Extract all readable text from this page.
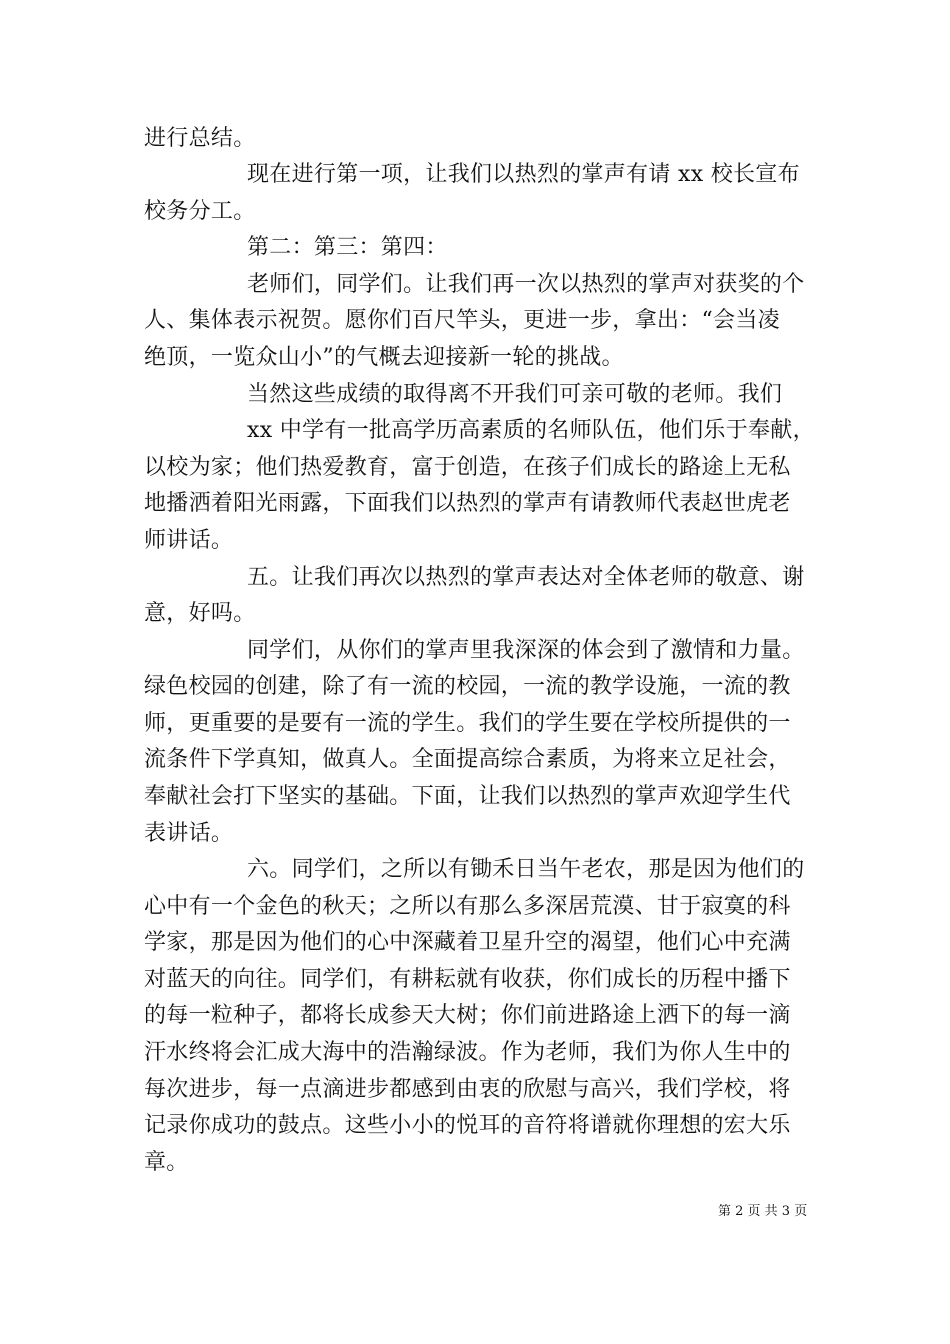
进行总结。
现在进行第一项，让我们以热烈的掌声有请 xx 校长宣布
校务分工。
第二：第三：第四：
老师们，同学们。让我们再一次以热烈的掌声对获奖的个
人、集体表示祝贺。愿你们百尺竿头，更进一步，拿出：“会当凌
绝顶，一览众山小”的气概去迎接新一轮的挑战。
当然这些成绩的取得离不开我们可亲可敬的老师。我们
xx 中学有一批高学历高素质的名师队伍，他们乐于奉献，
以校为家；他们热爱教育，富于创造，在孩子们成长的路途上无私
地播洒着阳光雨露，下面我们以热烈的掌声有请教师代表赵世虎老
师讲话。
五。让我们再次以热烈的掌声表达对全体老师的敬意、谢
意，好吗。
同学们，从你们的掌声里我深深的体会到了激情和力量。
绿色校园的创建，除了有一流的校园，一流的教学设施，一流的教
师，更重要的是要有一流的学生。我们的学生要在学校所提供的一
流条件下学真知，做真人。全面提高综合素质，为将来立足社会，
奉献社会打下坚实的基础。下面，让我们以热烈的掌声欢迎学生代
表讲话。
六。同学们，之所以有锄禾日当午老农，那是因为他们的
心中有一个金色的秋天；之所以有那么多深居荒漠、甘于寂寞的科
学家，那是因为他们的心中深藏着卫星升空的渴望，他们心中充满
对蓝天的向往。同学们，有耕耘就有收获，你们成长的历程中播下
的每一粒种子，都将长成参天大树；你们前进路途上洒下的每一滴
汗水终将会汇成大海中的浩瀚绿波。作为老师，我们为你人生中的
每次进步，每一点滴进步都感到由衷的欣慰与高兴，我们学校，将
记录你成功的鼓点。这些小小的悦耳的音符将谱就你理想的宏大乐
章。
第 2 页 共 3 页
